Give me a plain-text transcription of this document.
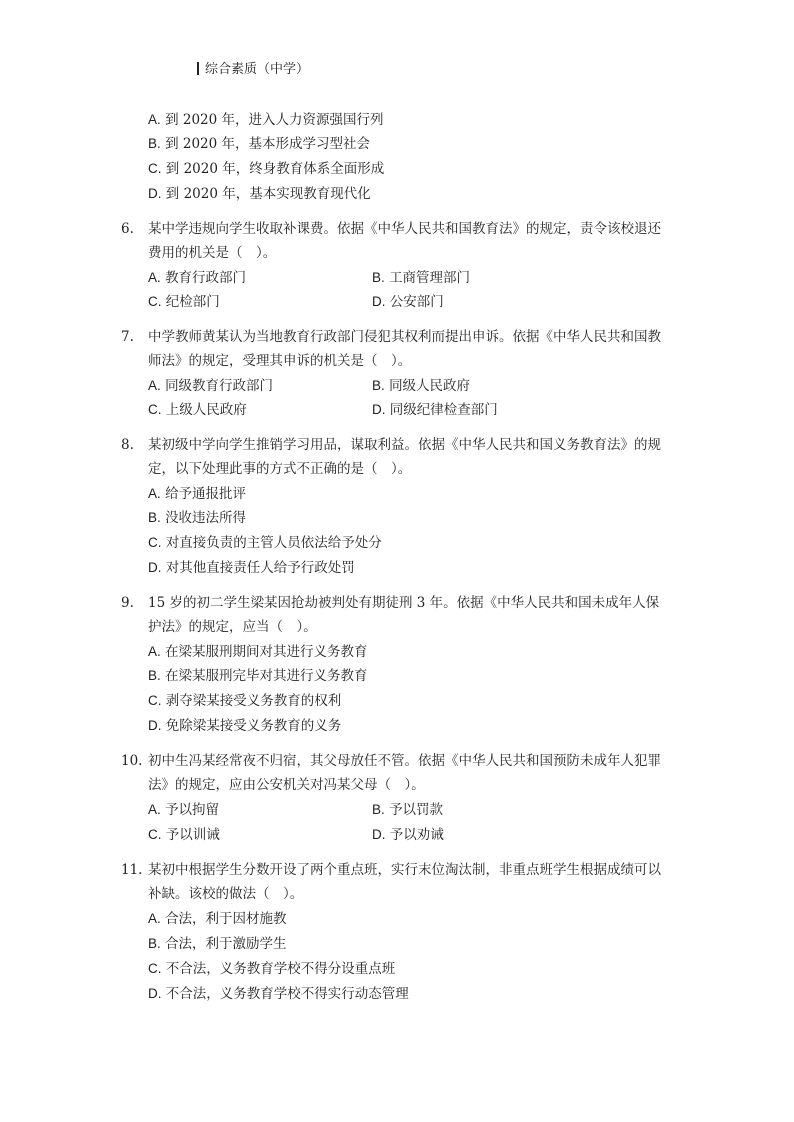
综合素质（中学）
A. 到 2020 年，进入人力资源强国行列
B. 到 2020 年，基本形成学习型社会
C. 到 2020 年，终身教育体系全面形成
D. 到 2020 年，基本实现教育现代化
6. 某中学违规向学生收取补课费。依据《中华人民共和国教育法》的规定，责令该校退还
费用的机关是（　）。
A. 教育行政部门	B. 工商管理部门
C. 纪检部门	D. 公安部门
7. 中学教师黄某认为当地教育行政部门侵犯其权利而提出申诉。依据《中华人民共和国教
师法》的规定，受理其申诉的机关是（　）。
A. 同级教育行政部门	B. 同级人民政府
C. 上级人民政府	D. 同级纪律检查部门
8. 某初级中学向学生推销学习用品，谋取利益。依据《中华人民共和国义务教育法》的规
定，以下处理此事的方式不正确的是（　）。
A. 给予通报批评
B. 没收违法所得
C. 对直接负责的主管人员依法给予处分
D. 对其他直接责任人给予行政处罚
9. 15 岁的初二学生梁某因抢劫被判处有期徒刑 3 年。依据《中华人民共和国未成年人保
护法》的规定，应当（　）。
A. 在梁某服刑期间对其进行义务教育
B. 在梁某服刑完毕对其进行义务教育
C. 剥夺梁某接受义务教育的权利
D. 免除梁某接受义务教育的义务
10. 初中生冯某经常夜不归宿，其父母放任不管。依据《中华人民共和国预防未成年人犯罪
法》的规定，应由公安机关对冯某父母（　）。
A. 予以拘留	B. 予以罚款
C. 予以训诫	D. 予以劝诫
11. 某初中根据学生分数开设了两个重点班，实行末位淘汰制，非重点班学生根据成绩可以
补缺。该校的做法（　）。
A. 合法，利于因材施教
B. 合法，利于激励学生
C. 不合法，义务教育学校不得分设重点班
D. 不合法，义务教育学校不得实行动态管理
